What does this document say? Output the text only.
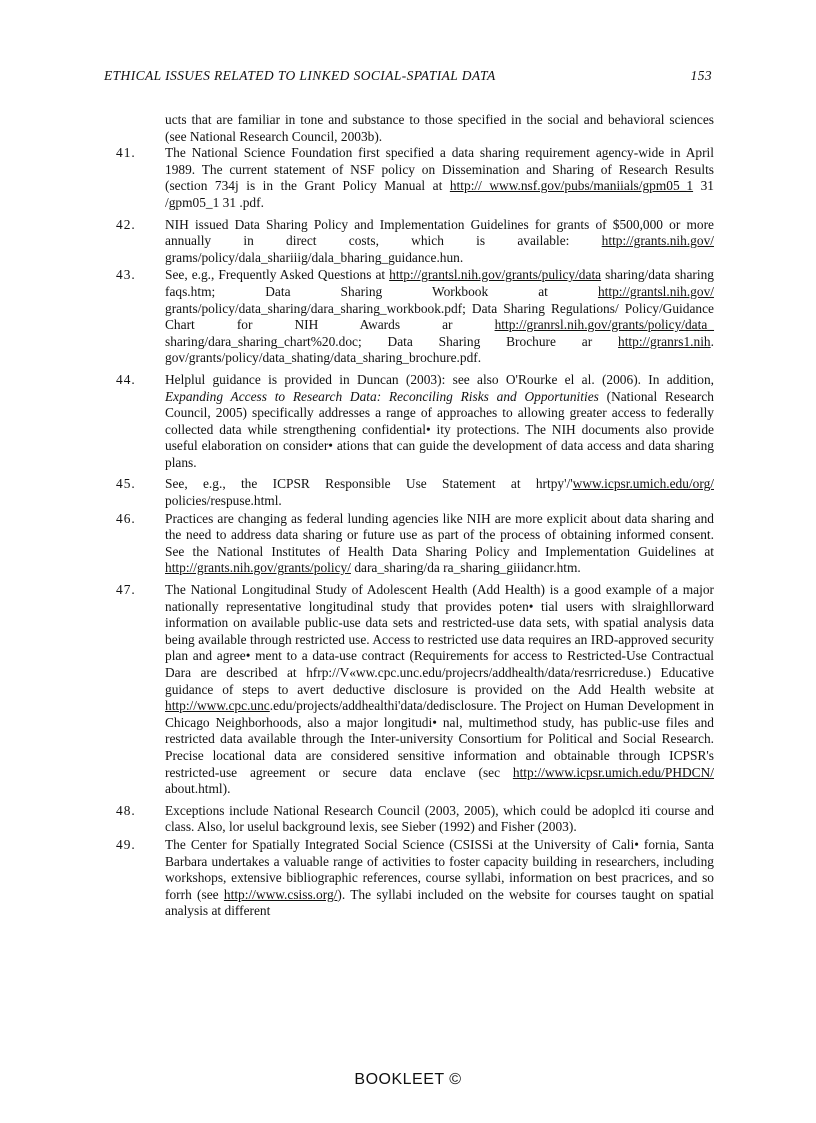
ETHICAL ISSUES RELATED TO LINKED SOCIAL-SPATIAL DATA	153
ucts that are familiar in tone and substance to those specified in the social and behavioral sciences (see National Research Council, 2003b).
41.	The National Science Foundation first specified a data sharing requirement agency-wide in April 1989. The current statement of NSF policy on Dissemination and Sharing of Research Results (section 734j is in the Grant Policy Manual at http:// www.nsf.gov/pubs/maniials/gpm05_1 31 /gpm05_1 31 .pdf.
42.	NIH issued Data Sharing Policy and Implementation Guidelines for grants of $500,000 or more annually in direct costs, which is available: http://grants.nih.gov/ grams/policy/dala_shariiig/dala_bharing_guidance.hun.
43.	See, e.g., Frequently Asked Questions at http://grantsl.nih.gov/grants/pulicy/data sharing/data sharing faqs.htm; Data Sharing Workbook at http://grantsl.nih.gov/ grants/policy/data_sharing/dara_sharing_workbook.pdf; Data Sharing Regulations/ Policy/Guidance Chart for NIH Awards ar http://granrsl.nih.gov/grants/policy/data_ sharing/dara_sharing_chart%20.doc; Data Sharing Brochure ar http://granrs1.nih. gov/grants/policy/data_shating/data_sharing_brochure.pdf.
44.	Helplul guidance is provided in Duncan (2003): see also O'Rourke el al. (2006). In addition, Expanding Access to Research Data: Reconciling Risks and Opportunities (National Research Council, 2005) specifically addresses a range of approaches to allowing greater access to federally collected data while strengthening confidential• ity protections. The NIH documents also provide useful elaboration on consider• ations that can guide the development of data access and data sharing plans.
45.	See, e.g., the ICPSR Responsible Use Statement at hrtpy'/'www.icpsr.umich.edu/org/ policies/respuse.html.
46.	Practices are changing as federal lunding agencies like NIH are more explicit about data sharing and the need to address data sharing or future use as part of the process of obtaining informed consent. See the National Institutes of Health Data Sharing Policy and Implementation Guidelines at http://grants.nih.gov/grants/policy/ dara_sharing/da ra_sharing_giiidancr.htm.
47.	The National Longitudinal Study of Adolescent Health (Add Health) is a good example of a major nationally representative longitudinal study that provides poten• tial users with slraighllorward information on available public-use data sets and restricted-use data sets, with spatial analysis data being available through restricted use. Access to restricted use data requires an IRD-approved security plan and agree• ment to a data-use contract (Requirements for access to Restricted-Use Contractual Dara are described at hfrp://V«ww.cpc.unc.edu/projecrs/addhealth/data/resrricreduse.) Educative guidance of steps to avert deductive disclosure is provided on the Add Health website at http://www.cpc.unc.edu/projects/addhealthi'data/dedisclosure. The Project on Human Development in Chicago Neighborhoods, also a major longitudi• nal, multimethod study, has public-use files and restricted data available through the Inter-university Consortium for Political and Social Research. Precise locational data are considered sensitive information and obtainable through ICPSR's restricted-use agreement or secure data enclave (sec http://www.icpsr.umich.edu/PHDCN/ about.html).
48.	Exceptions include National Research Council (2003, 2005), which could be adoplcd iti course and class. Also, lor uselul background lexis, see Sieber (1992) and Fisher (2003).
49.	The Center for Spatially Integrated Social Science (CSISSi at the University of Cali• fornia, Santa Barbara undertakes a valuable range of activities to foster capacity building in researchers, including workshops, extensive bibliographic references, course syllabi, information on best pracrices, and so forrh (see http://www.csiss.org/). The syllabi included on the website for courses taught on spatial analysis at different
BOOKLEET ©
